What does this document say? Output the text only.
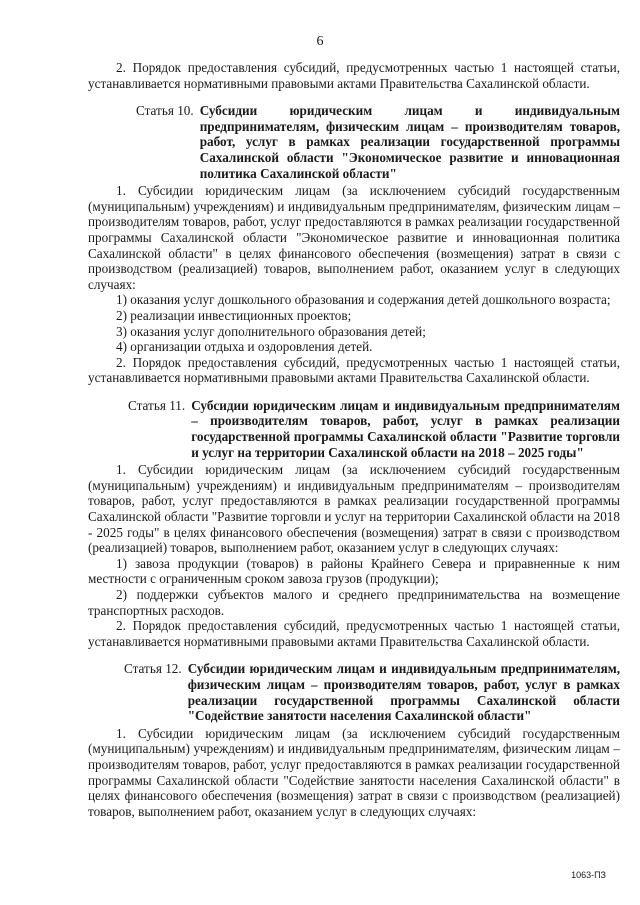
6

2. Порядок предоставления субсидий, предусмотренных частью 1 настоящей статьи, устанавливается нормативными правовыми актами Правительства Сахалинской области.

Статья 10. Субсидии юридическим лицам и индивидуальным предпринимателям, физическим лицам – производителям товаров, работ, услуг в рамках реализации государственной программы Сахалинской области "Экономическое развитие и инновационная политика Сахалинской области"

1. Субсидии юридическим лицам (за исключением субсидий государственным (муниципальным) учреждениям) и индивидуальным предпринимателям, физическим лицам – производителям товаров, работ, услуг предоставляются в рамках реализации государственной программы Сахалинской области "Экономическое развитие и инновационная политика Сахалинской области" в целях финансового обеспечения (возмещения) затрат в связи с производством (реализацией) товаров, выполнением работ, оказанием услуг в следующих случаях:

1) оказания услуг дошкольного образования и содержания детей дошкольного возраста;

2) реализации инвестиционных проектов;

3) оказания услуг дополнительного образования детей;

4) организации отдыха и оздоровления детей.

2. Порядок предоставления субсидий, предусмотренных частью 1 настоящей статьи, устанавливается нормативными правовыми актами Правительства Сахалинской области.

Статья 11. Субсидии юридическим лицам и индивидуальным предпринимателям – производителям товаров, работ, услуг в рамках реализации государственной программы Сахалинской области "Развитие торговли и услуг на территории Сахалинской области на 2018 – 2025 годы"

1. Субсидии юридическим лицам (за исключением субсидий государственным (муниципальным) учреждениям) и индивидуальным предпринимателям – производителям товаров, работ, услуг предоставляются в рамках реализации государственной программы Сахалинской области "Развитие торговли и услуг на территории Сахалинской области на 2018 - 2025 годы" в целях финансового обеспечения (возмещения) затрат в связи с производством (реализацией) товаров, выполнением работ, оказанием услуг в следующих случаях:

1) завоза продукции (товаров) в районы Крайнего Севера и приравненные к ним местности с ограниченным сроком завоза грузов (продукции);

2) поддержки субъектов малого и среднего предпринимательства на возмещение транспортных расходов.

2. Порядок предоставления субсидий, предусмотренных частью 1 настоящей статьи, устанавливается нормативными правовыми актами Правительства Сахалинской области.

Статья 12. Субсидии юридическим лицам и индивидуальным предпринимателям, физическим лицам – производителям товаров, работ, услуг в рамках реализации государственной программы Сахалинской области "Содействие занятости населения Сахалинской области"

1. Субсидии юридическим лицам (за исключением субсидий государственным (муниципальным) учреждениям) и индивидуальным предпринимателям, физическим лицам – производителям товаров, работ, услуг предоставляются в рамках реализации государственной программы Сахалинской области "Содействие занятости населения Сахалинской области" в целях финансового обеспечения (возмещения) затрат в связи с производством (реализацией) товаров, выполнением работ, оказанием услуг в следующих случаях:

1063-ПЗ
